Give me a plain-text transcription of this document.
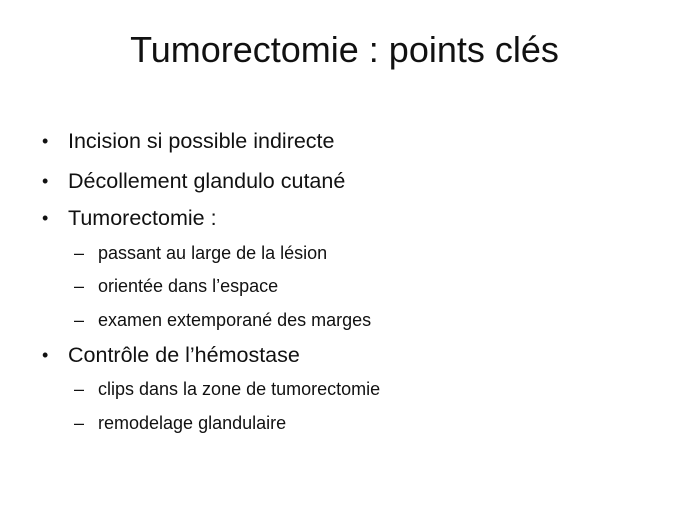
Tumorectomie : points clés
• Incision si possible indirecte
• Décollement glandulo cutané
• Tumorectomie :
– passant au large de la lésion
– orientée dans l’espace
– examen extemporané des marges
• Contrôle de l’hémostase
– clips dans la zone de tumorectomie
– remodelage glandulaire
